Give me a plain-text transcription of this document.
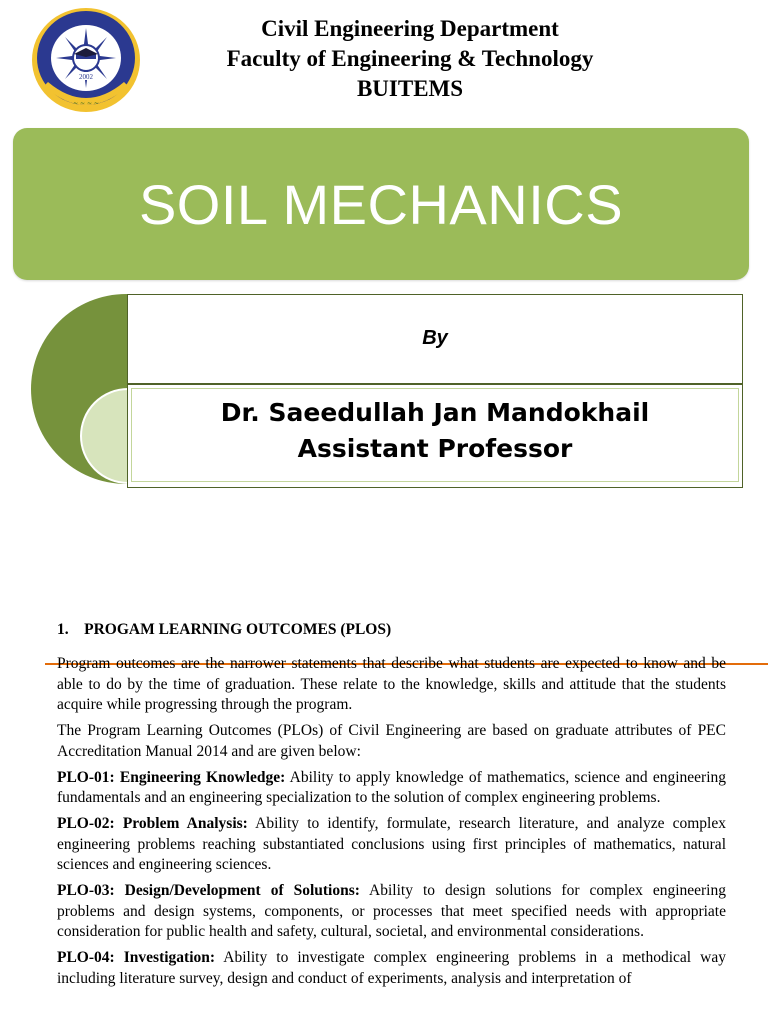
2002
~ ~ ~ ~
Civil Engineering Department
Faculty of Engineering & Technology
BUITEMS
SOIL MECHANICS
By
Dr. Saeedullah Jan Mandokhail
Assistant Professor
1. PROGAM LEARNING OUTCOMES (PLOS)

Program outcomes are the narrower statements that describe what students are expected to know and be able to do by the time of graduation. These relate to the knowledge, skills and attitude that the students acquire while progressing through the program.

The Program Learning Outcomes (PLOs) of Civil Engineering are based on graduate attributes of PEC Accreditation Manual 2014 and are given below:

PLO-01: Engineering Knowledge: Ability to apply knowledge of mathematics, science and engineering fundamentals and an engineering specialization to the solution of complex engineering problems.

PLO-02: Problem Analysis: Ability to identify, formulate, research literature, and analyze complex engineering problems reaching substantiated conclusions using first principles of mathematics, natural sciences and engineering sciences.

PLO-03: Design/Development of Solutions: Ability to design solutions for complex engineering problems and design systems, components, or processes that meet specified needs with appropriate consideration for public health and safety, cultural, societal, and environmental considerations.

PLO-04: Investigation: Ability to investigate complex engineering problems in a methodical way including literature survey, design and conduct of experiments, analysis and interpretation of
